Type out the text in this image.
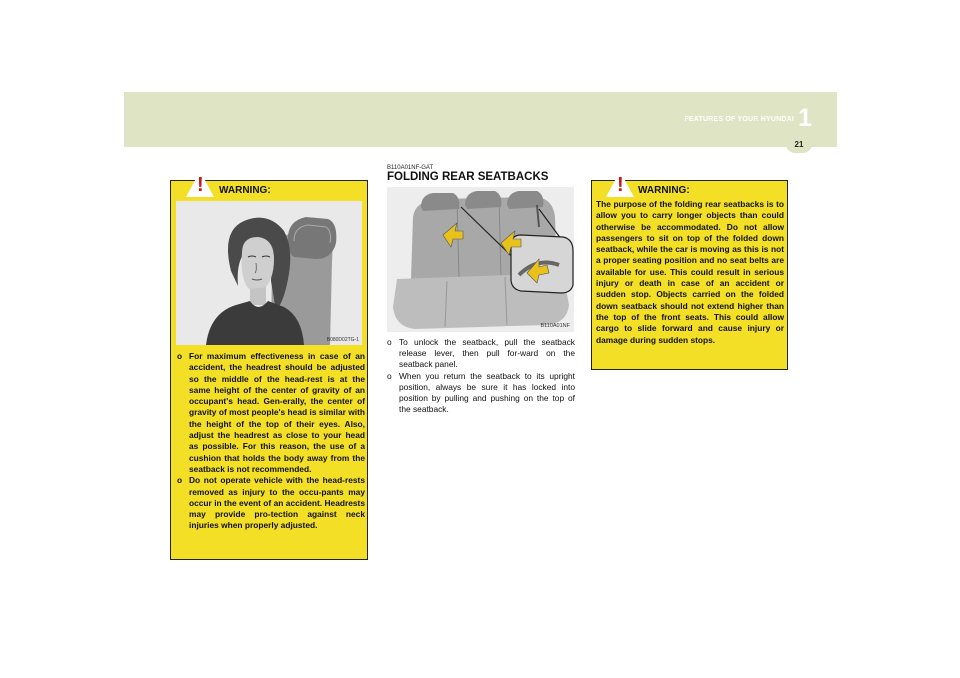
FEATURES OF YOUR HYUNDAI 1
21
! WARNING:
B080D02TG-1
o For maximum effectiveness in case of an accident, the headrest should be adjusted so the middle of the head-rest is at the same height of the center of gravity of an occupant's head. Gen-erally, the center of gravity of most people's head is similar with the height of the top of their eyes. Also, adjust the headrest as close to your head as possible. For this reason, the use of a cushion that holds the body away from the seatback is not recommended.
o Do not operate vehicle with the head-rests removed as injury to the occu-pants may occur in the event of an accident. Headrests may provide pro-tection against neck injuries when properly adjusted.
B110A01NF-GAT
FOLDING REAR SEATBACKS
B110A01NF
o To unlock the seatback, pull the seatback release lever, then pull for-ward on the seatback panel.
o When you return the seatback to its upright position, always be sure it has locked into position by pulling and pushing on the top of the seatback.
! WARNING:

The purpose of the folding rear seatbacks is to allow you to carry longer objects than could otherwise be accommodated. Do not allow passengers to sit on top of the folded down seatback, while the car is moving as this is not a proper seating position and no seat belts are available for use. This could result in serious injury or death in case of an accident or sudden stop. Objects carried on the folded down seatback should not extend higher than the top of the front seats. This could allow cargo to slide forward and cause injury or damage during sudden stops.
